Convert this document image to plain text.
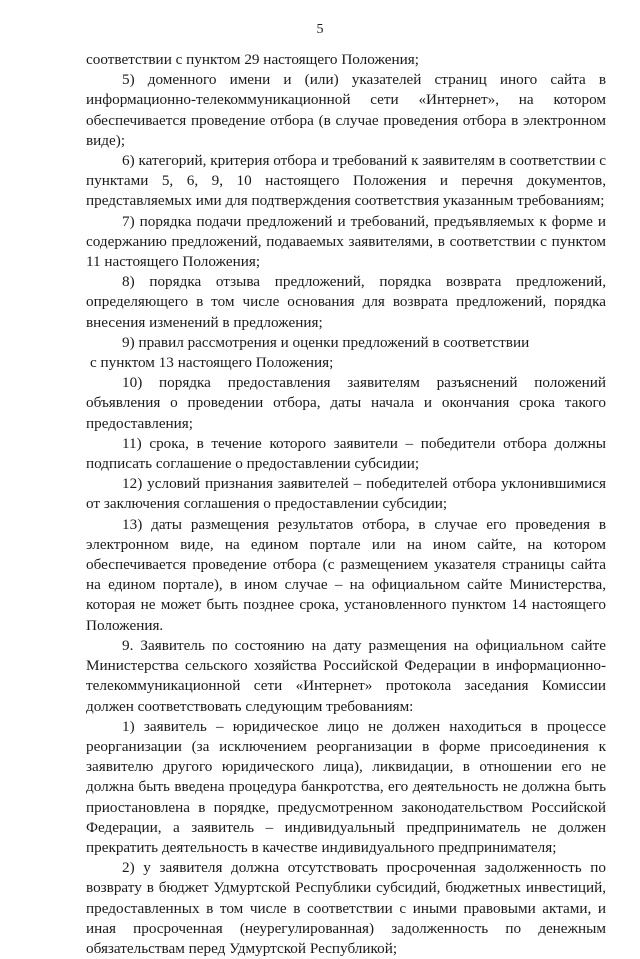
5

соответствии с пунктом 29 настоящего Положения;

5) доменного имени и (или) указателей страниц иного сайта в информационно-телекоммуникационной сети «Интернет», на котором обеспечивается проведение отбора (в случае проведения отбора в электронном виде);

6) категорий, критерия отбора и требований к заявителям в соответствии с пунктами 5, 6, 9, 10 настоящего Положения и перечня документов, представляемых ими для подтверждения соответствия указанным требованиям;

7) порядка подачи предложений и требований, предъявляемых к форме и содержанию предложений, подаваемых заявителями, в соответствии с пунктом 11 настоящего Положения;

8) порядка отзыва предложений, порядка возврата предложений, определяющего в том числе основания для возврата предложений, порядка внесения изменений в предложения;

9) правил рассмотрения и оценки предложений в соответствии

с пунктом 13 настоящего Положения;

10) порядка предоставления заявителям разъяснений положений объявления о проведении отбора, даты начала и окончания срока такого предоставления;

11) срока, в течение которого заявители – победители отбора должны подписать соглашение о предоставлении субсидии;

12) условий признания заявителей – победителей отбора уклонившимися от заключения соглашения о предоставлении субсидии;

13) даты размещения результатов отбора, в случае его проведения в электронном виде, на едином портале или на ином сайте, на котором обеспечивается проведение отбора (с размещением указателя страницы сайта на едином портале), в ином случае – на официальном сайте Министерства, которая не может быть позднее срока, установленного пунктом 14 настоящего Положения.

9. Заявитель по состоянию на дату размещения на официальном сайте Министерства сельского хозяйства Российской Федерации в информационно-телекоммуникационной сети «Интернет» протокола заседания Комиссии должен соответствовать следующим требованиям:

1) заявитель – юридическое лицо не должен находиться в процессе реорганизации (за исключением реорганизации в форме присоединения к заявителю другого юридического лица), ликвидации, в отношении его не должна быть введена процедура банкротства, его деятельность не должна быть приостановлена в порядке, предусмотренном законодательством Российской Федерации, а заявитель – индивидуальный предприниматель не должен прекратить деятельность в качестве индивидуального предпринимателя;

2) у заявителя должна отсутствовать просроченная задолженность по возврату в бюджет Удмуртской Республики субсидий, бюджетных инвестиций, предоставленных в том числе в соответствии с иными правовыми актами, и иная просроченная (неурегулированная) задолженность по денежным обязательствам перед Удмуртской Республикой;
